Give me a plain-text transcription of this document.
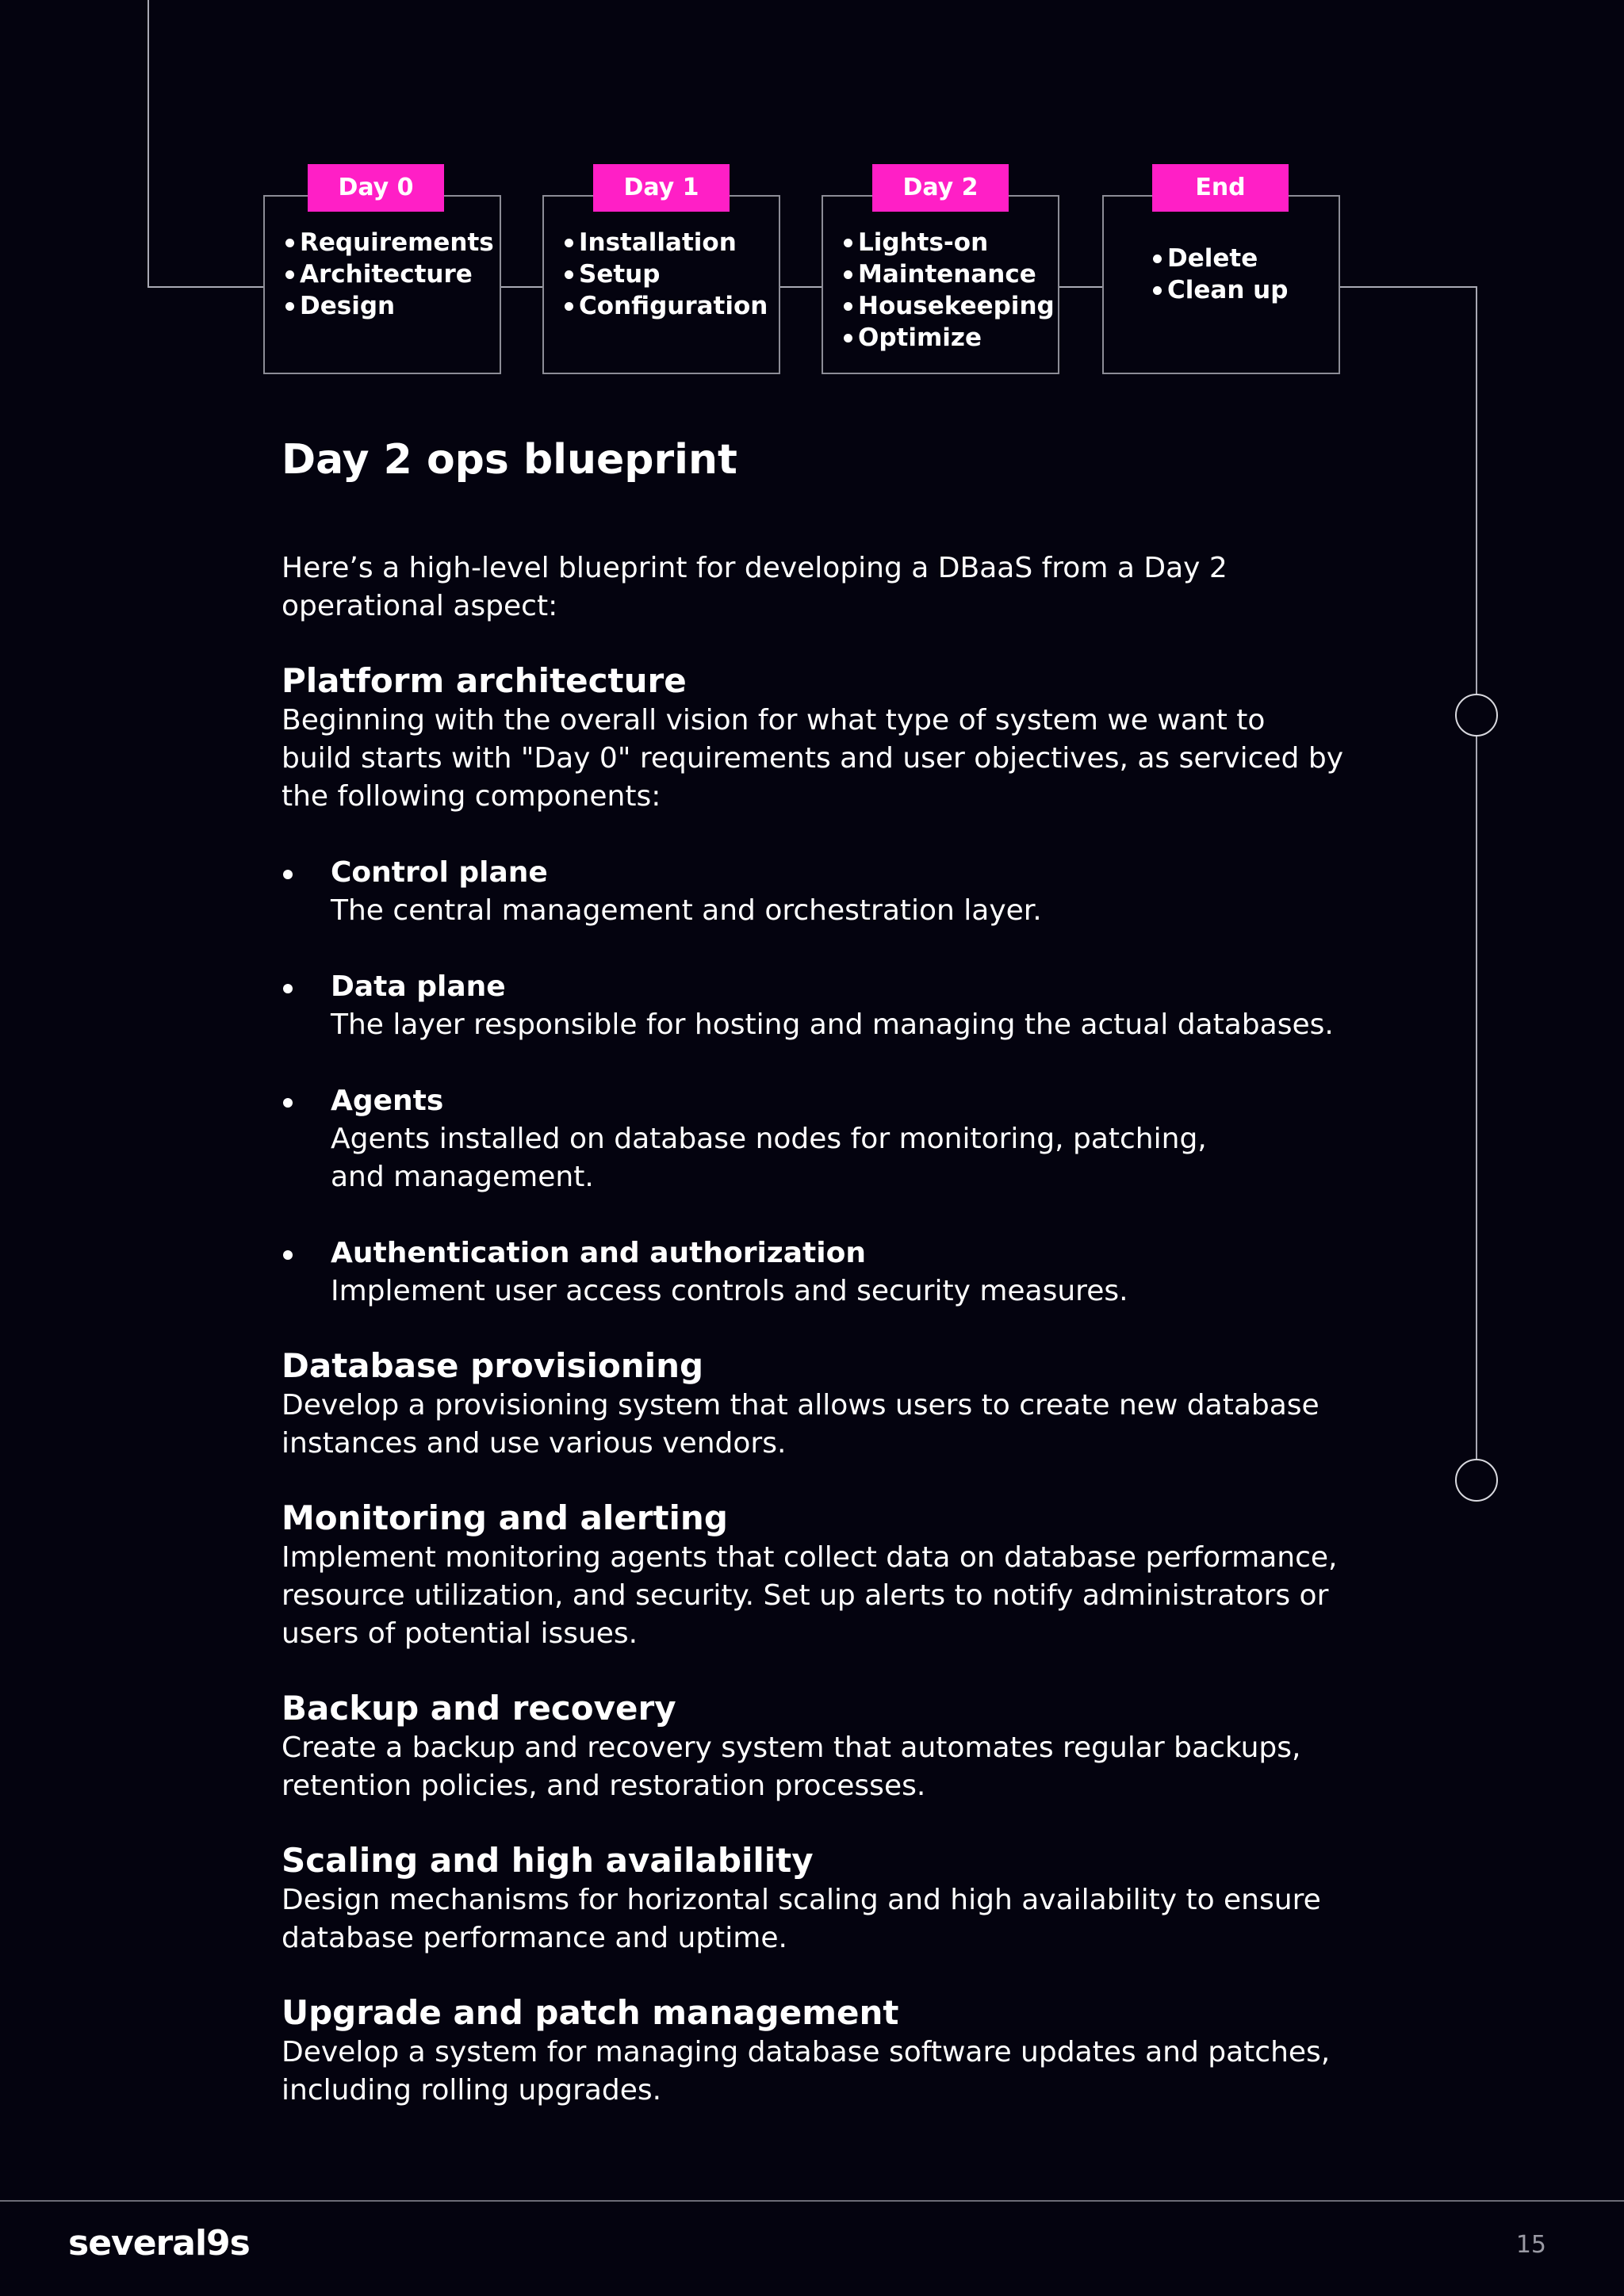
Requirements
Architecture
Design
Day 0
Installation
Setup
Configuration
Day 1
Lights-on
Maintenance
Housekeeping
Optimize
Day 2
Delete
Clean up
End
Day 2 ops blueprint

Here’s a high-level blueprint for developing a DBaaS from a Day 2 operational aspect:

Platform architecture

Beginning with the overall vision for what type of system we want to build starts with "Day 0" requirements and user objectives, as serviced by the following components:

Control plane
The central management and orchestration layer.
Data plane
The layer responsible for hosting and managing the actual databases.
Agents
Agents installed on database nodes for monitoring, patching, and management.
Authentication and authorization
Implement user access controls and security measures.
Database provisioning

Develop a provisioning system that allows users to create new database instances and use various vendors.

Monitoring and alerting

Implement monitoring agents that collect data on database performance, resource utilization, and security. Set up alerts to notify administrators or users of potential issues.

Backup and recovery

Create a backup and recovery system that automates regular backups, retention policies, and restoration processes.

Scaling and high availability

Design mechanisms for horizontal scaling and high availability to ensure database performance and uptime.

Upgrade and patch management

Develop a system for managing database software updates and patches, including rolling upgrades.

several9s	15
